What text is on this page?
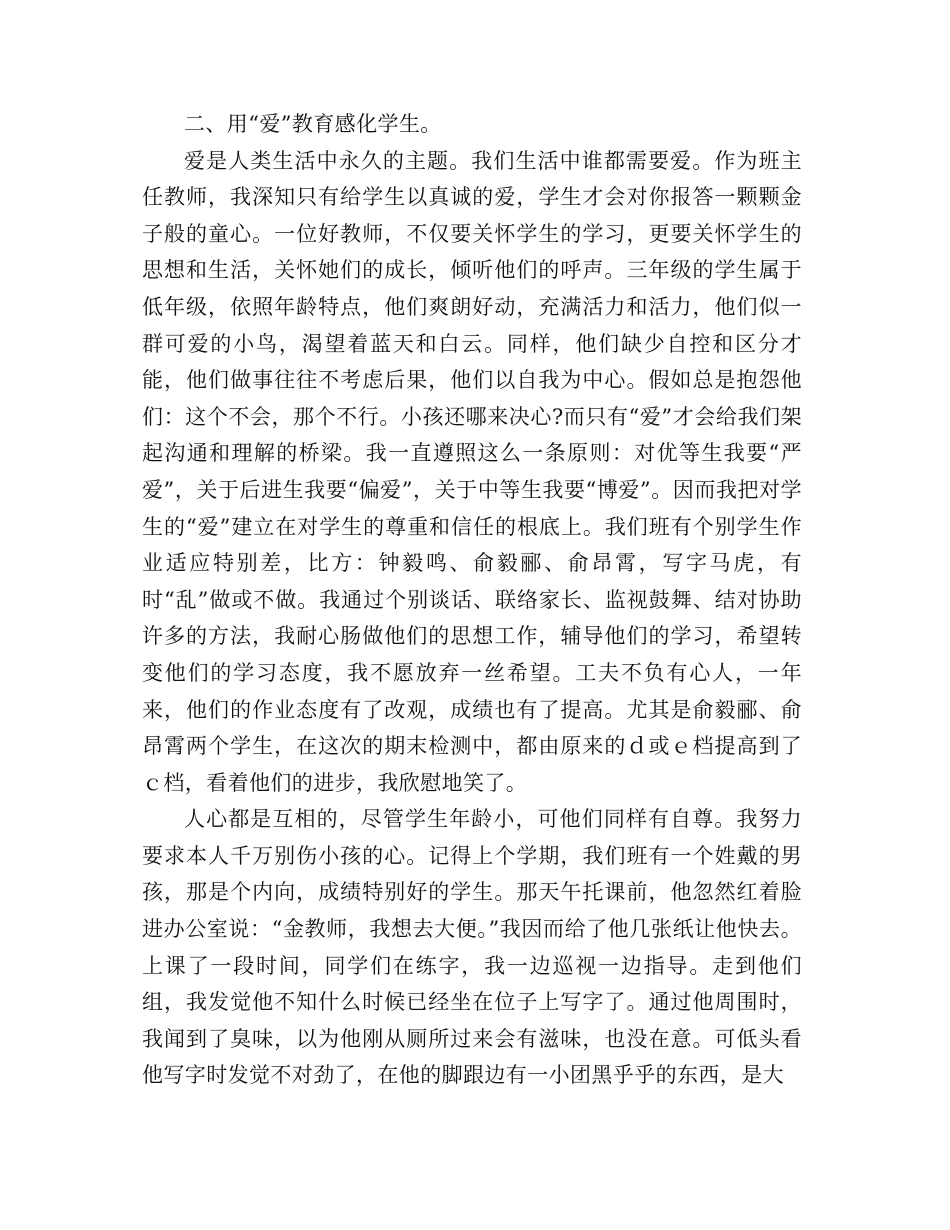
二、用“爱”教育感化学生。

爱是人类生活中永久的主题。我们生活中谁都需要爱。作为班主任教师，我深知只有给学生以真诚的爱，学生才会对你报答一颗颗金子般的童心。一位好教师，不仅要关怀学生的学习，更要关怀学生的思想和生活，关怀她们的成长，倾听他们的呼声。三年级的学生属于低年级，依照年龄特点，他们爽朗好动，充满活力和活力，他们似一群可爱的小鸟，渴望着蓝天和白云。同样，他们缺少自控和区分才能，他们做事往往不考虑后果，他们以自我为中心。假如总是抱怨他们：这个不会，那个不行。小孩还哪来决心?而只有“爱”才会给我们架起沟通和理解的桥梁。我一直遵照这么一条原则：对优等生我要“严爱”，关于后进生我要“偏爱”，关于中等生我要“博爱”。因而我把对学生的“爱”建立在对学生的尊重和信任的根底上。我们班有个别学生作业适应特别差，比方：钟毅鸣、俞毅郦、俞昂霄，写字马虎，有时“乱”做或不做。我通过个别谈话、联络家长、监视鼓舞、结对协助许多的方法，我耐心肠做他们的思想工作，辅导他们的学习，希望转变他们的学习态度，我不愿放弃一丝希望。工夫不负有心人，一年来，他们的作业态度有了改观，成绩也有了提高。尤其是俞毅郦、俞昂霄两个学生，在这次的期末检测中，都由原来的ｄ或ｅ档提高到了ｃ档，看着他们的进步，我欣慰地笑了。

人心都是互相的，尽管学生年龄小，可他们同样有自尊。我努力要求本人千万别伤小孩的心。记得上个学期，我们班有一个姓戴的男孩，那是个内向，成绩特别好的学生。那天午托课前，他忽然红着脸进办公室说：“金教师，我想去大便。”我因而给了他几张纸让他快去。上课了一段时间，同学们在练字，我一边巡视一边指导。走到他们组，我发觉他不知什么时候已经坐在位子上写字了。通过他周围时，我闻到了臭味，以为他刚从厕所过来会有滋味，也没在意。可低头看他写字时发觉不对劲了，在他的脚跟边有一小团黑乎乎的东西，是大
